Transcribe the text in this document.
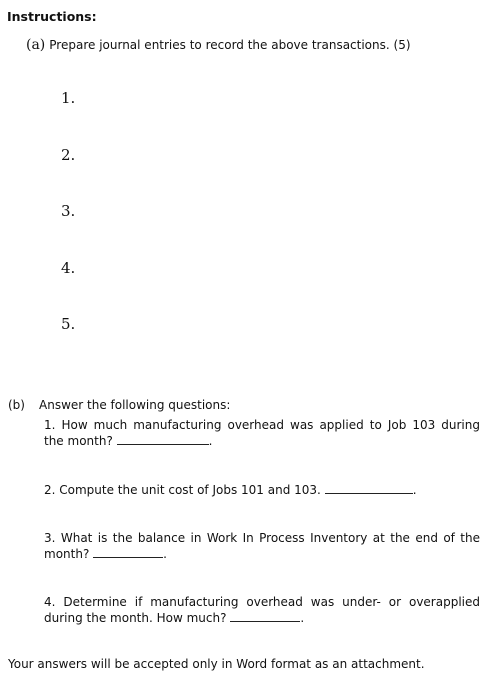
Instructions:
(a) Prepare journal entries to record the above transactions. (5)
1.
2.
3.
4.
5.
(b) Answer the following questions:
1. How much manufacturing overhead was applied to Job 103 during the month?	.
2. Compute the unit cost of Jobs 101 and 103.	.
3. What is the balance in Work In Process Inventory at the end of the month?	.
4. Determine if manufacturing overhead was under- or overapplied during the month. How much?	.
Your answers will be accepted only in Word format as an attachment.
